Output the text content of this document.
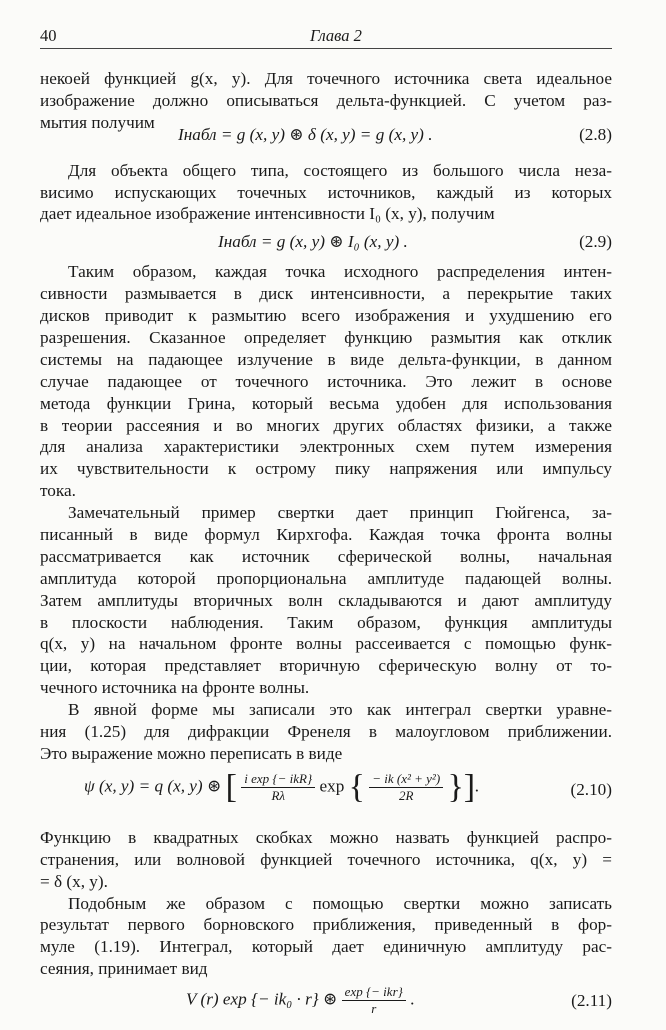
40	Глава 2
некоей функцией g(x, y). Для точечного источника света идеальное
изображение должно описываться дельта-функцией. С учетом раз-
мытия получим
Iнабл = g (x, y) ⊛ δ (x, y) = g (x, y) .	(2.8)
Для объекта общего типа, состоящего из большого числа неза-
висимо испускающих точечных источников, каждый из которых
дает идеальное изображение интенсивности I₀ (x, y), получим
Iнабл = g (x, y) ⊛ I₀ (x, y) .	(2.9)
Таким образом, каждая точка исходного распределения интен-
сивности размывается в диск интенсивности, а перекрытие таких
дисков приводит к размытию всего изображения и ухудшению его
разрешения. Сказанное определяет функцию размытия как отклик
системы на падающее излучение в виде дельта-функции, в данном
случае падающее от точечного источника. Это лежит в основе
метода функции Грина, который весьма удобен для использования
в теории рассеяния и во многих других областях физики, а также
для анализа характеристики электронных схем путем измерения
их чувствительности к острому пику напряжения или импульсу
тока.
Замечательный пример свертки дает принцип Гюйгенса, за-
писанный в виде формул Кирхгофа. Каждая точка фронта волны
рассматривается как источник сферической волны, начальная
амплитуда которой пропорциональна амплитуде падающей волны.
Затем амплитуды вторичных волн складываются и дают амплитуду
в плоскости наблюдения. Таким образом, функция амплитуды
q(x, y) на начальном фронте волны рассеивается с помощью функ-
ции, которая представляет вторичную сферическую волну от то-
чечного источника на фронте волны.
В явной форме мы записали это как интеграл свертки уравне-
ния (1.25) для дифракции Френеля в малоугловом приближении.
Это выражение можно переписать в виде
ψ (x, y) = q (x, y) ⊛ [ $\frac{\text{i exp \{− ikR\}}}{R\lambda}$ exp { $\frac{\text{− ik (x² + y²)}}{2R}$ }].	(2.10)
Функцию в квадратных скобках можно назвать функцией распро-
странения, или волновой функцией точечного источника, q(x, y) =
= δ (x, y).
Подобным же образом с помощью свертки можно записать
результат первого борновского приближения, приведенный в фор-
муле (1.19). Интеграл, который дает единичную амплитуду рас-
сеяния, принимает вид
V (r) exp {− ik₀ · r} ⊛ $\frac{\text{exp \{− ikr\}}}{r}$ .	(2.11)
